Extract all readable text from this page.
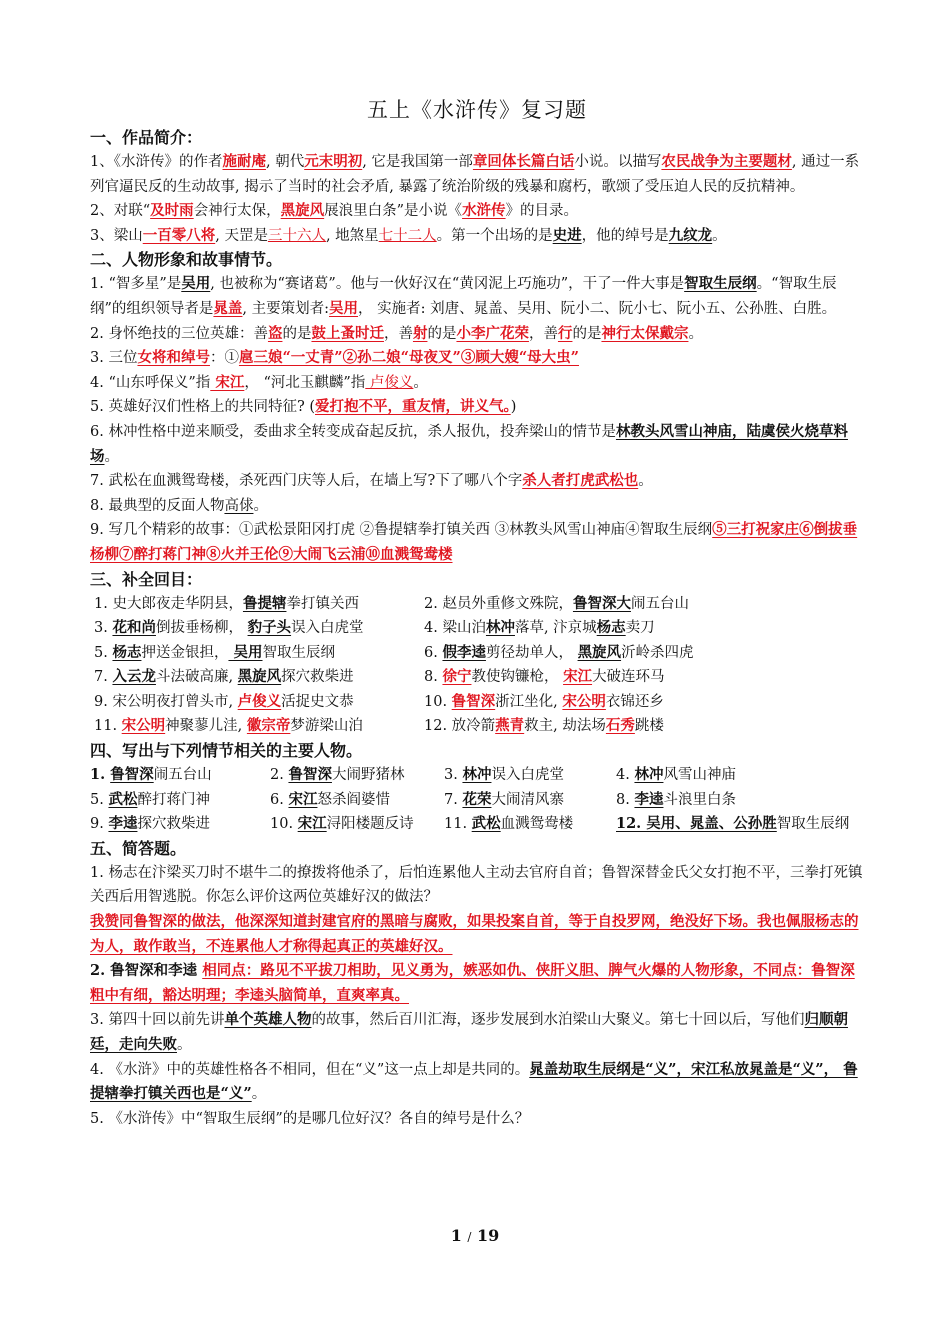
五上《水浒传》复习题
一、作品简介：

1、《水浒传》的作者施耐庵, 朝代元末明初, 它是我国第一部章回体长篇白话小说。以描写农民战争为主要题材, 通过一系列官逼民反的生动故事, 揭示了当时的社会矛盾, 暴露了统治阶级的残暴和腐朽，歌颂了受压迫人民的反抗精神。

2、对联“及时雨会神行太保，黑旋风展浪里白条”是小说《水浒传》的目录。

3、梁山一百零八将, 天罡是三十六人, 地煞星七十二人。第一个出场的是史进，他的绰号是九纹龙。

二、人物形象和故事情节。

1. “智多星”是吴用, 也被称为“赛诸葛”。他与一伙好汉在“黄冈泥上巧施功”，干了一件大事是智取生辰纲。“智取生辰纲”的组织领导者是晁盖, 主要策划者:吴用， 实施者: 刘唐、晁盖、吴用、阮小二、阮小七、阮小五、公孙胜、白胜。

2. 身怀绝技的三位英雄：善盗的是鼓上蚤时迁，善射的是小李广花荣，善行的是神行太保戴宗。

3. 三位女将和绰号：①扈三娘“一丈青”②孙二娘“母夜叉”③顾大嫂“母大虫”

4. “山东呼保义”指 宋江， “河北玉麒麟”指 卢俊义。

5. 英雄好汉们性格上的共同特征? (爱打抱不平，重友情，讲义气。)

6. 林冲性格中逆来顺受，委曲求全转变成奋起反抗，杀人报仇，投奔梁山的情节是林教头风雪山神庙，陆虞侯火烧草料场。

7. 武松在血溅鸳鸯楼，杀死西门庆等人后，在墙上写?下了哪八个字杀人者打虎武松也。

8. 最典型的反面人物高俅。

9. 写几个精彩的故事：①武松景阳冈打虎 ②鲁提辖拳打镇关西 ③林教头风雪山神庙④智取生辰纲⑤三打祝家庄⑥倒拔垂杨柳⑦醉打蒋门神⑧火并王伦⑨大闹飞云浦⑩血溅鸳鸯楼

三、补全回目：
1. 史大郎夜走华阴县，鲁提辖拳打镇关西	2. 赵员外重修文殊院，鲁智深大闹五台山
3. 花和尚倒拔垂杨柳， 豹子头误入白虎堂	4. 梁山泊林冲落草, 汴京城杨志卖刀
5. 杨志押送金银担， 吴用智取生辰纲	6. 假李逵剪径劫单人， 黑旋风沂岭杀四虎
7. 入云龙斗法破高廉, 黑旋风探穴救柴进	8. 徐宁教使钩镰枪， 宋江大破连环马
9. 宋公明夜打曾头市, 卢俊义活捉史文恭	10. 鲁智深浙江坐化, 宋公明衣锦还乡
11. 宋公明神聚蓼儿洼, 徽宗帝梦游梁山泊	12. 放冷箭燕青救主, 劫法场石秀跳楼
四、写出与下列情节相关的主要人物。
1. 鲁智深闹五台山	2. 鲁智深大闹野猪林	3. 林冲误入白虎堂	4. 林冲风雪山神庙
5. 武松醉打蒋门神	6. 宋江怒杀阎婆惜	7. 花荣大闹清风寨	8. 李逵斗浪里白条
9. 李逵探穴救柴进	10. 宋江浔阳楼题反诗	11. 武松血溅鸳鸯楼	12. 吴用、晁盖、公孙胜智取生辰纲
五、简答题。

1. 杨志在汴梁买刀时不堪牛二的撩拨将他杀了，后怕连累他人主动去官府自首；鲁智深替金氏父女打抱不平，三拳打死镇关西后用智逃脱。你怎么评价这两位英雄好汉的做法？

我赞同鲁智深的做法，他深深知道封建官府的黑暗与腐败，如果投案自首，等于自投罗网，绝没好下场。我也佩服杨志的为人，敢作敢当，不连累他人才称得起真正的英雄好汉。

2. 鲁智深和李逵 相同点：路见不平拔刀相助，见义勇为，嫉恶如仇、侠肝义胆、脾气火爆的人物形象，不同点：鲁智深粗中有细，豁达明理；李逵头脑简单，直爽率真。

3. 第四十回以前先讲单个英雄人物的故事，然后百川汇海，逐步发展到水泊梁山大聚义。第七十回以后，写他们归顺朝廷，走向失败。

4. 《水浒》中的英雄性格各不相同，但在“义”这一点上却是共同的。晁盖劫取生辰纲是“义”，宋江私放晁盖是“义”， 鲁提辖拳打镇关西也是“义”。

5. 《水浒传》中“智取生辰纲”的是哪几位好汉？各自的绰号是什么？

1 / 19
